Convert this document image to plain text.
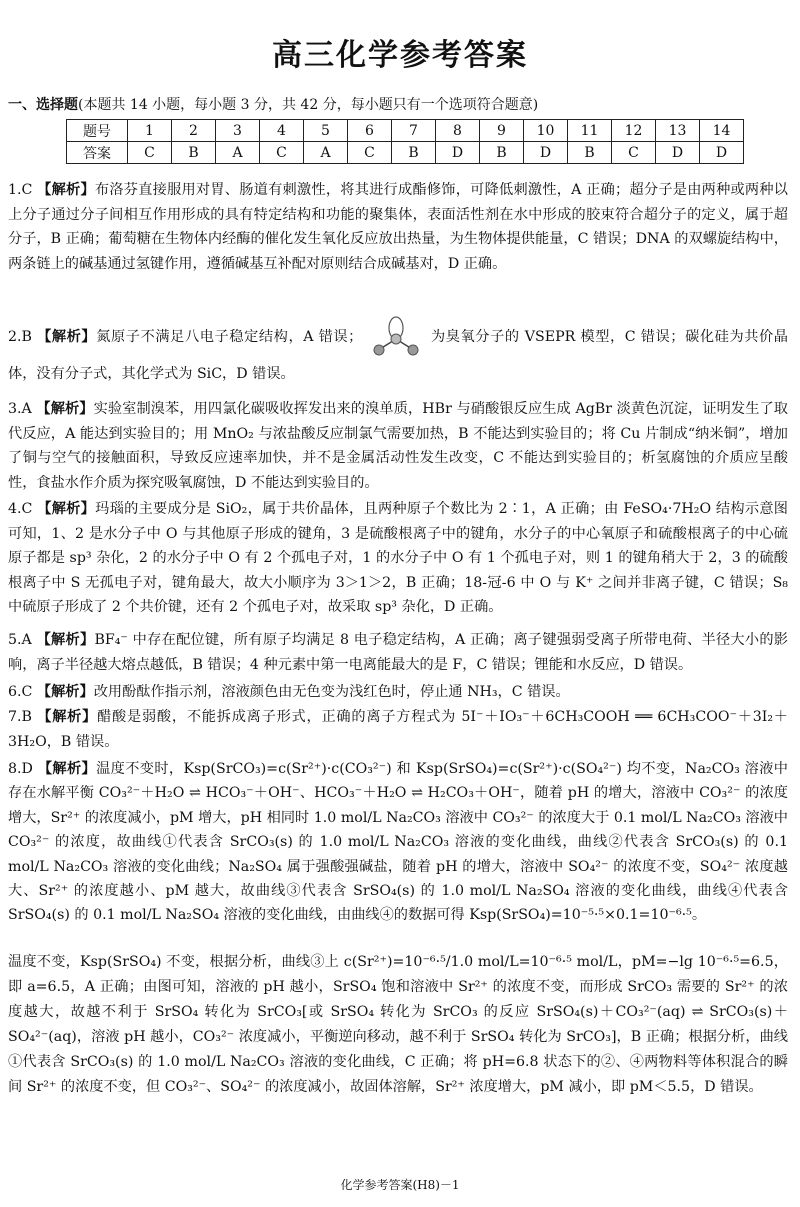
高三化学参考答案
一、选择题(本题共 14 小题，每小题 3 分，共 42 分，每小题只有一个选项符合题意)
题号	1	2	3	4	5	6	7	8	9	10	11	12	13	14
答案	C	B	A	C	A	C	B	D	B	D	B	C	D	D

1.C 【解析】布洛芬直接服用对胃、肠道有刺激性，将其进行成酯修饰，可降低刺激性，A 正确；超分子是由两种或两种以上分子通过分子间相互作用形成的具有特定结构和功能的聚集体，表面活性剂在水中形成的胶束符合超分子的定义，属于超分子，B 正确；葡萄糖在生物体内经酶的催化发生氧化反应放出热量，为生物体提供能量，C 错误；DNA 的双螺旋结构中，两条链上的碱基通过氢键作用，遵循碱基互补配对原则结合成碱基对，D 正确。

2.B 【解析】氮原子不满足八电子稳定结构，A 错误；	为臭氧分子的 VSEPR 模型，C 错误；碳化硅为共价晶体，没有分子式，其化学式为 SiC，D 错误。

3.A 【解析】实验室制溴苯，用四氯化碳吸收挥发出来的溴单质，HBr 与硝酸银反应生成 AgBr 淡黄色沉淀，证明发生了取代反应，A 能达到实验目的；用 MnO₂ 与浓盐酸反应制氯气需要加热，B 不能达到实验目的；将 Cu 片制成“纳米铜”，增加了铜与空气的接触面积，导致反应速率加快，并不是金属活动性发生改变，C 不能达到实验目的；析氢腐蚀的介质应呈酸性，食盐水作介质为探究吸氧腐蚀，D 不能达到实验目的。

4.C 【解析】玛瑙的主要成分是 SiO₂，属于共价晶体，且两种原子个数比为 2∶1，A 正确；由 FeSO₄·7H₂O 结构示意图可知，1、2 是水分子中 O 与其他原子形成的键角，3 是硫酸根离子中的键角，水分子的中心氧原子和硫酸根离子的中心硫原子都是 sp³ 杂化，2 的水分子中 O 有 2 个孤电子对，1 的水分子中 O 有 1 个孤电子对，则 1 的键角稍大于 2，3 的硫酸根离子中 S 无孤电子对，键角最大，故大小顺序为 3＞1＞2，B 正确；18-冠-6 中 O 与 K⁺ 之间并非离子键，C 错误；S₈ 中硫原子形成了 2 个共价键，还有 2 个孤电子对，故采取 sp³ 杂化，D 正确。

5.A 【解析】BF₄⁻ 中存在配位键，所有原子均满足 8 电子稳定结构，A 正确；离子键强弱受离子所带电荷、半径大小的影响，离子半径越大熔点越低，B 错误；4 种元素中第一电离能最大的是 F，C 错误；锂能和水反应，D 错误。

6.C 【解析】改用酚酞作指示剂，溶液颜色由无色变为浅红色时，停止通 NH₃，C 错误。

7.B 【解析】醋酸是弱酸，不能拆成离子形式，正确的离子方程式为 5I⁻＋IO₃⁻＋6CH₃COOH ══ 6CH₃COO⁻＋3I₂＋3H₂O，B 错误。

8.D 【解析】温度不变时，Ksp(SrCO₃)=c(Sr²⁺)·c(CO₃²⁻) 和 Ksp(SrSO₄)=c(Sr²⁺)·c(SO₄²⁻) 均不变，Na₂CO₃ 溶液中存在水解平衡 CO₃²⁻＋H₂O ⇌ HCO₃⁻＋OH⁻、HCO₃⁻＋H₂O ⇌ H₂CO₃＋OH⁻，随着 pH 的增大，溶液中 CO₃²⁻ 的浓度增大，Sr²⁺ 的浓度减小，pM 增大，pH 相同时 1.0 mol/L Na₂CO₃ 溶液中 CO₃²⁻ 的浓度大于 0.1 mol/L Na₂CO₃ 溶液中 CO₃²⁻ 的浓度，故曲线①代表含 SrCO₃(s) 的 1.0 mol/L Na₂CO₃ 溶液的变化曲线，曲线②代表含 SrCO₃(s) 的 0.1 mol/L Na₂CO₃ 溶液的变化曲线；Na₂SO₄ 属于强酸强碱盐，随着 pH 的增大，溶液中 SO₄²⁻ 的浓度不变，SO₄²⁻ 浓度越大、Sr²⁺ 的浓度越小、pM 越大，故曲线③代表含 SrSO₄(s) 的 1.0 mol/L Na₂SO₄ 溶液的变化曲线，曲线④代表含 SrSO₄(s) 的 0.1 mol/L Na₂SO₄ 溶液的变化曲线，由曲线④的数据可得 Ksp(SrSO₄)=10⁻⁵·⁵×0.1=10⁻⁶·⁵。

温度不变，Ksp(SrSO₄) 不变，根据分析，曲线③上 c(Sr²⁺)=10⁻⁶·⁵/1.0 mol/L=10⁻⁶·⁵ mol/L，pM=−lg 10⁻⁶·⁵=6.5，即 a=6.5，A 正确；由图可知，溶液的 pH 越小，SrSO₄ 饱和溶液中 Sr²⁺ 的浓度不变，而形成 SrCO₃ 需要的 Sr²⁺ 的浓度越大，故越不利于 SrSO₄ 转化为 SrCO₃[或 SrSO₄ 转化为 SrCO₃ 的反应 SrSO₄(s)＋CO₃²⁻(aq) ⇌ SrCO₃(s)＋SO₄²⁻(aq)，溶液 pH 越小，CO₃²⁻ 浓度减小，平衡逆向移动，越不利于 SrSO₄ 转化为 SrCO₃]，B 正确；根据分析，曲线①代表含 SrCO₃(s) 的 1.0 mol/L Na₂CO₃ 溶液的变化曲线，C 正确；将 pH=6.8 状态下的②、④两物料等体积混合的瞬间 Sr²⁺ 的浓度不变，但 CO₃²⁻、SO₄²⁻ 的浓度减小，故固体溶解，Sr²⁺ 浓度增大，pM 减小，即 pM＜5.5，D 错误。

化学参考答案(H8)－1
